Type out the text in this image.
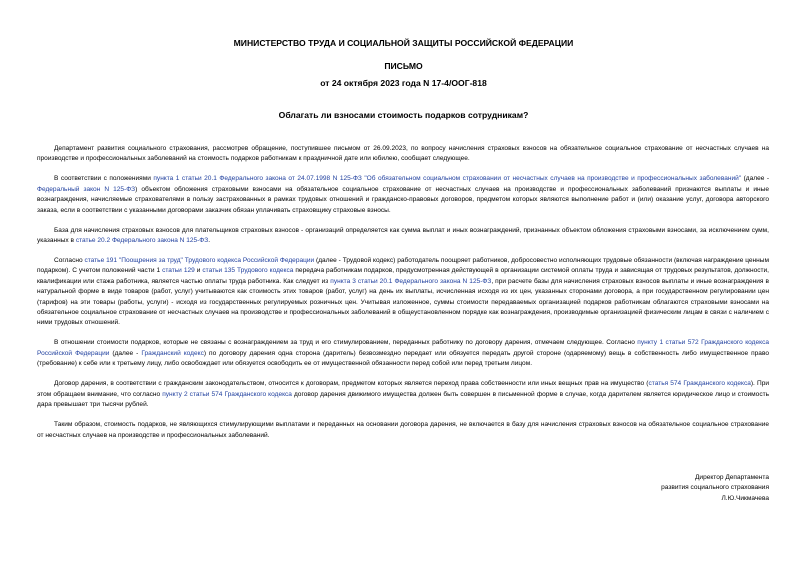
МИНИСТЕРСТВО ТРУДА И СОЦИАЛЬНОЙ ЗАЩИТЫ РОССИЙСКОЙ ФЕДЕРАЦИИ
ПИСЬМО
от 24 октября 2023 года N 17-4/ООГ-818
Облагать ли взносами стоимость подарков сотрудникам?

Департамент развития социального страхования, рассмотрев обращение, поступившее письмом от 26.09.2023, по вопросу начисления страховых взносов на обязательное социальное страхование от несчастных случаев на производстве и профессиональных заболеваний на стоимость подарков работникам к праздничной дате или юбилею, сообщает следующее.

В соответствии с положениями пункта 1 статьи 20.1 Федерального закона от 24.07.1998 N 125-ФЗ "Об обязательном социальном страховании от несчастных случаев на производстве и профессиональных заболеваний" (далее - Федеральный закон N 125-ФЗ) объектом обложения страховыми взносами на обязательное социальное страхование от несчастных случаев на производстве и профессиональных заболеваний признаются выплаты и иные вознаграждения, начисляемые страхователями в пользу застрахованных в рамках трудовых отношений и гражданско-правовых договоров, предметом которых являются выполнение работ и (или) оказание услуг, договора авторского заказа, если в соответствии с указанными договорами заказчик обязан уплачивать страховщику страховые взносы.

База для начисления страховых взносов для плательщиков страховых взносов - организаций определяется как сумма выплат и иных вознаграждений, признанных объектом обложения страховыми взносами, за исключением сумм, указанных в статье 20.2 Федерального закона N 125-ФЗ.

Согласно статье 191 "Поощрения за труд" Трудового кодекса Российской Федерации (далее - Трудовой кодекс) работодатель поощряет работников, добросовестно исполняющих трудовые обязанности (включая награждение ценным подарком). С учетом положений части 1 статьи 129 и статьи 135 Трудового кодекса передача работникам подарков, предусмотренная действующей в организации системой оплаты труда и зависящая от трудовых результатов, должности, квалификации или стажа работника, является частью оплаты труда работника. Как следует из пункта 3 статьи 20.1 Федерального закона N 125-ФЗ, при расчете базы для начисления страховых взносов выплаты и иные вознаграждения в натуральной форме в виде товаров (работ, услуг) учитываются как стоимость этих товаров (работ, услуг) на день их выплаты, исчисленная исходя из их цен, указанных сторонами договора, а при государственном регулировании цен (тарифов) на эти товары (работы, услуги) - исходя из государственных регулируемых розничных цен. Учитывая изложенное, суммы стоимости передаваемых организацией подарков работникам облагаются страховыми взносами на обязательное социальное страхование от несчастных случаев на производстве и профессиональных заболеваний в общеустановленном порядке как вознаграждения, производимые организацией физическим лицам в связи с наличием с ними трудовых отношений.

В отношении стоимости подарков, которые не связаны с вознаграждением за труд и его стимулированием, переданных работнику по договору дарения, отмечаем следующее. Согласно пункту 1 статьи 572 Гражданского кодекса Российской Федерации (далее - Гражданский кодекс) по договору дарения одна сторона (даритель) безвозмездно передает или обязуется передать другой стороне (одаряемому) вещь в собственность либо имущественное право (требование) к себе или к третьему лицу, либо освобождает или обязуется освободить ее от имущественной обязанности перед собой или перед третьим лицом.

Договор дарения, в соответствии с гражданским законодательством, относится к договорам, предметом которых является переход права собственности или иных вещных прав на имущество (статья 574 Гражданского кодекса). При этом обращаем внимание, что согласно пункту 2 статьи 574 Гражданского кодекса договор дарения движимого имущества должен быть совершен в письменной форме в случае, когда дарителем является юридическое лицо и стоимость дара превышает три тысячи рублей.

Таким образом, стоимость подарков, не являющихся стимулирующими выплатами и переданных на основании договора дарения, не включается в базу для начисления страховых взносов на обязательное социальное страхование от несчастных случаев на производстве и профессиональных заболеваний.

Директор Департамента
развития социального страхования
Л.Ю.Чикмачева
